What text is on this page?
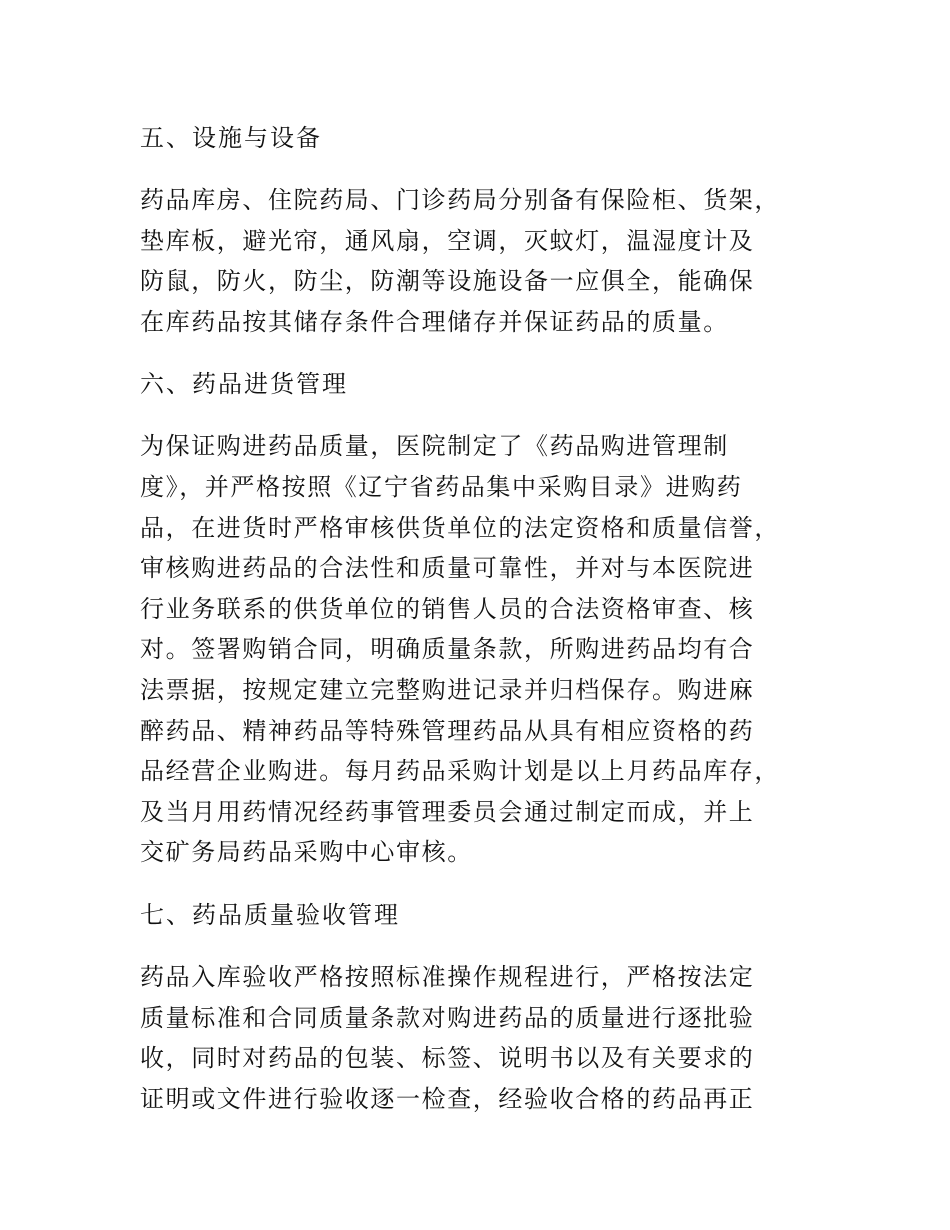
五、设施与设备
药品库房、住院药局、门诊药局分别备有保险柜、货架，
垫库板，避光帘，通风扇，空调，灭蚊灯，温湿度计及
防鼠，防火，防尘，防潮等设施设备一应俱全，能确保
在库药品按其储存条件合理储存并保证药品的质量。
六、药品进货管理
为保证购进药品质量，医院制定了《药品购进管理制
度》，并严格按照《辽宁省药品集中采购目录》进购药
品，在进货时严格审核供货单位的法定资格和质量信誉，
审核购进药品的合法性和质量可靠性，并对与本医院进
行业务联系的供货单位的销售人员的合法资格审查、核
对。签署购销合同，明确质量条款，所购进药品均有合
法票据，按规定建立完整购进记录并归档保存。购进麻
醉药品、精神药品等特殊管理药品从具有相应资格的药
品经营企业购进。每月药品采购计划是以上月药品库存，
及当月用药情况经药事管理委员会通过制定而成，并上
交矿务局药品采购中心审核。
七、药品质量验收管理
药品入库验收严格按照标准操作规程进行，严格按法定
质量标准和合同质量条款对购进药品的质量进行逐批验
收，同时对药品的包装、标签、说明书以及有关要求的
证明或文件进行验收逐一检查，经验收合格的药品再正
